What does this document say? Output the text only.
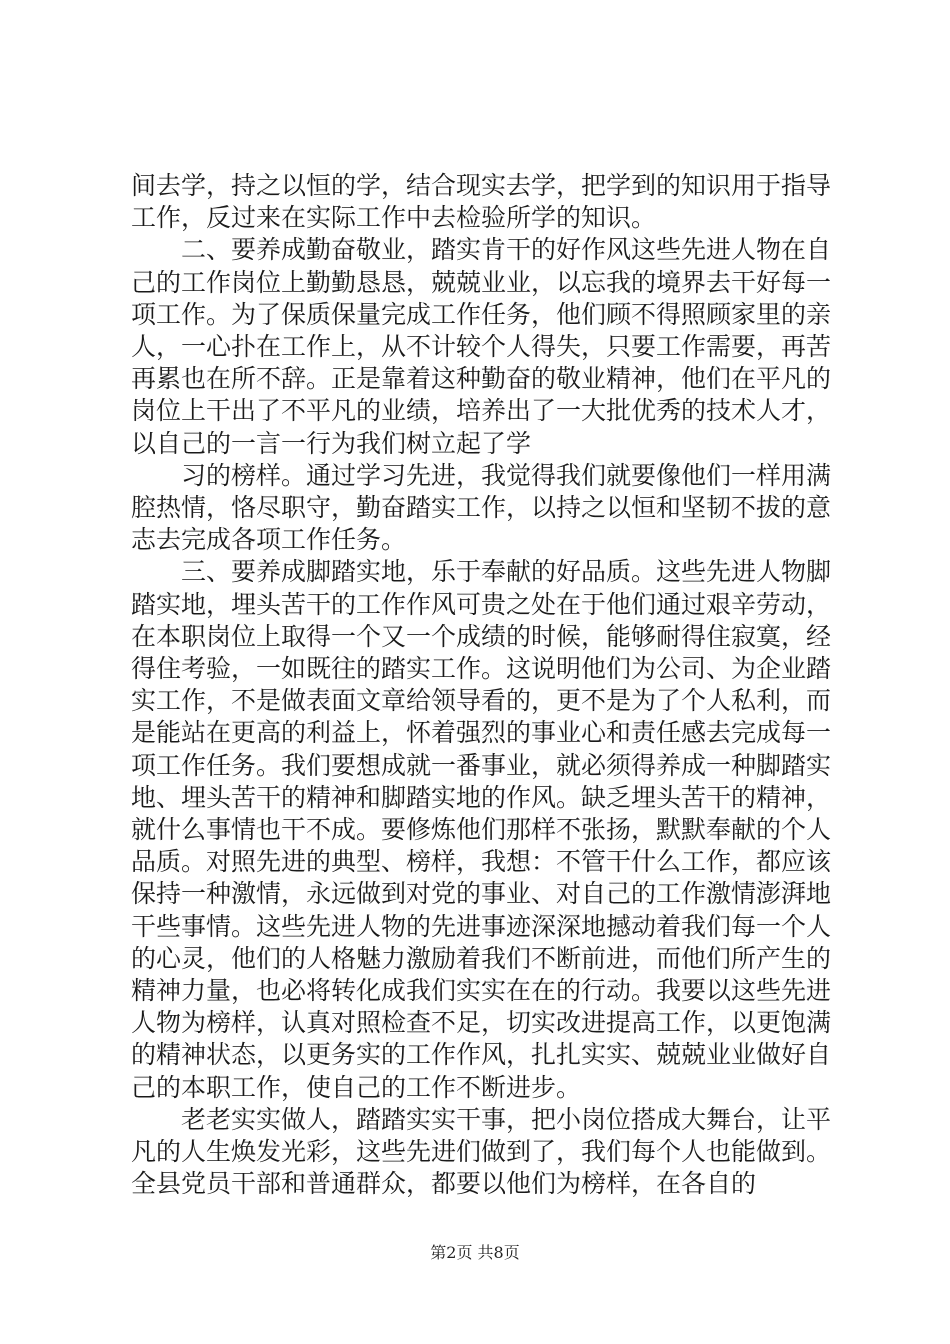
间去学，持之以恒的学，结合现实去学，把学到的知识用于指导工作，反过来在实际工作中去检验所学的知识。

二、要养成勤奋敬业，踏实肯干的好作风这些先进人物在自己的工作岗位上勤勤恳恳，兢兢业业，以忘我的境界去干好每一项工作。为了保质保量完成工作任务，他们顾不得照顾家里的亲人，一心扑在工作上，从不计较个人得失，只要工作需要，再苦再累也在所不辞。正是靠着这种勤奋的敬业精神，他们在平凡的岗位上干出了不平凡的业绩，培养出了一大批优秀的技术人才，以自己的一言一行为我们树立起了学

习的榜样。通过学习先进，我觉得我们就要像他们一样用满腔热情，恪尽职守，勤奋踏实工作，以持之以恒和坚韧不拔的意志去完成各项工作任务。

三、要养成脚踏实地，乐于奉献的好品质。这些先进人物脚踏实地，埋头苦干的工作作风可贵之处在于他们通过艰辛劳动，在本职岗位上取得一个又一个成绩的时候，能够耐得住寂寞，经得住考验，一如既往的踏实工作。这说明他们为公司、为企业踏实工作，不是做表面文章给领导看的，更不是为了个人私利，而是能站在更高的利益上，怀着强烈的事业心和责任感去完成每一项工作任务。我们要想成就一番事业，就必须得养成一种脚踏实地、埋头苦干的精神和脚踏实地的作风。缺乏埋头苦干的精神，就什么事情也干不成。要修炼他们那样不张扬，默默奉献的个人品质。对照先进的典型、榜样，我想：不管干什么工作，都应该保持一种激情，永远做到对党的事业、对自己的工作激情澎湃地干些事情。这些先进人物的先进事迹深深地撼动着我们每一个人的心灵，他们的人格魅力激励着我们不断前进，而他们所产生的精神力量，也必将转化成我们实实在在的行动。我要以这些先进人物为榜样，认真对照检查不足，切实改进提高工作，以更饱满的精神状态，以更务实的工作作风，扎扎实实、兢兢业业做好自己的本职工作，使自己的工作不断进步。

老老实实做人，踏踏实实干事，把小岗位搭成大舞台，让平凡的人生焕发光彩，这些先进们做到了，我们每个人也能做到。全县党员干部和普通群众，都要以他们为榜样，在各自的

第2页 共8页
